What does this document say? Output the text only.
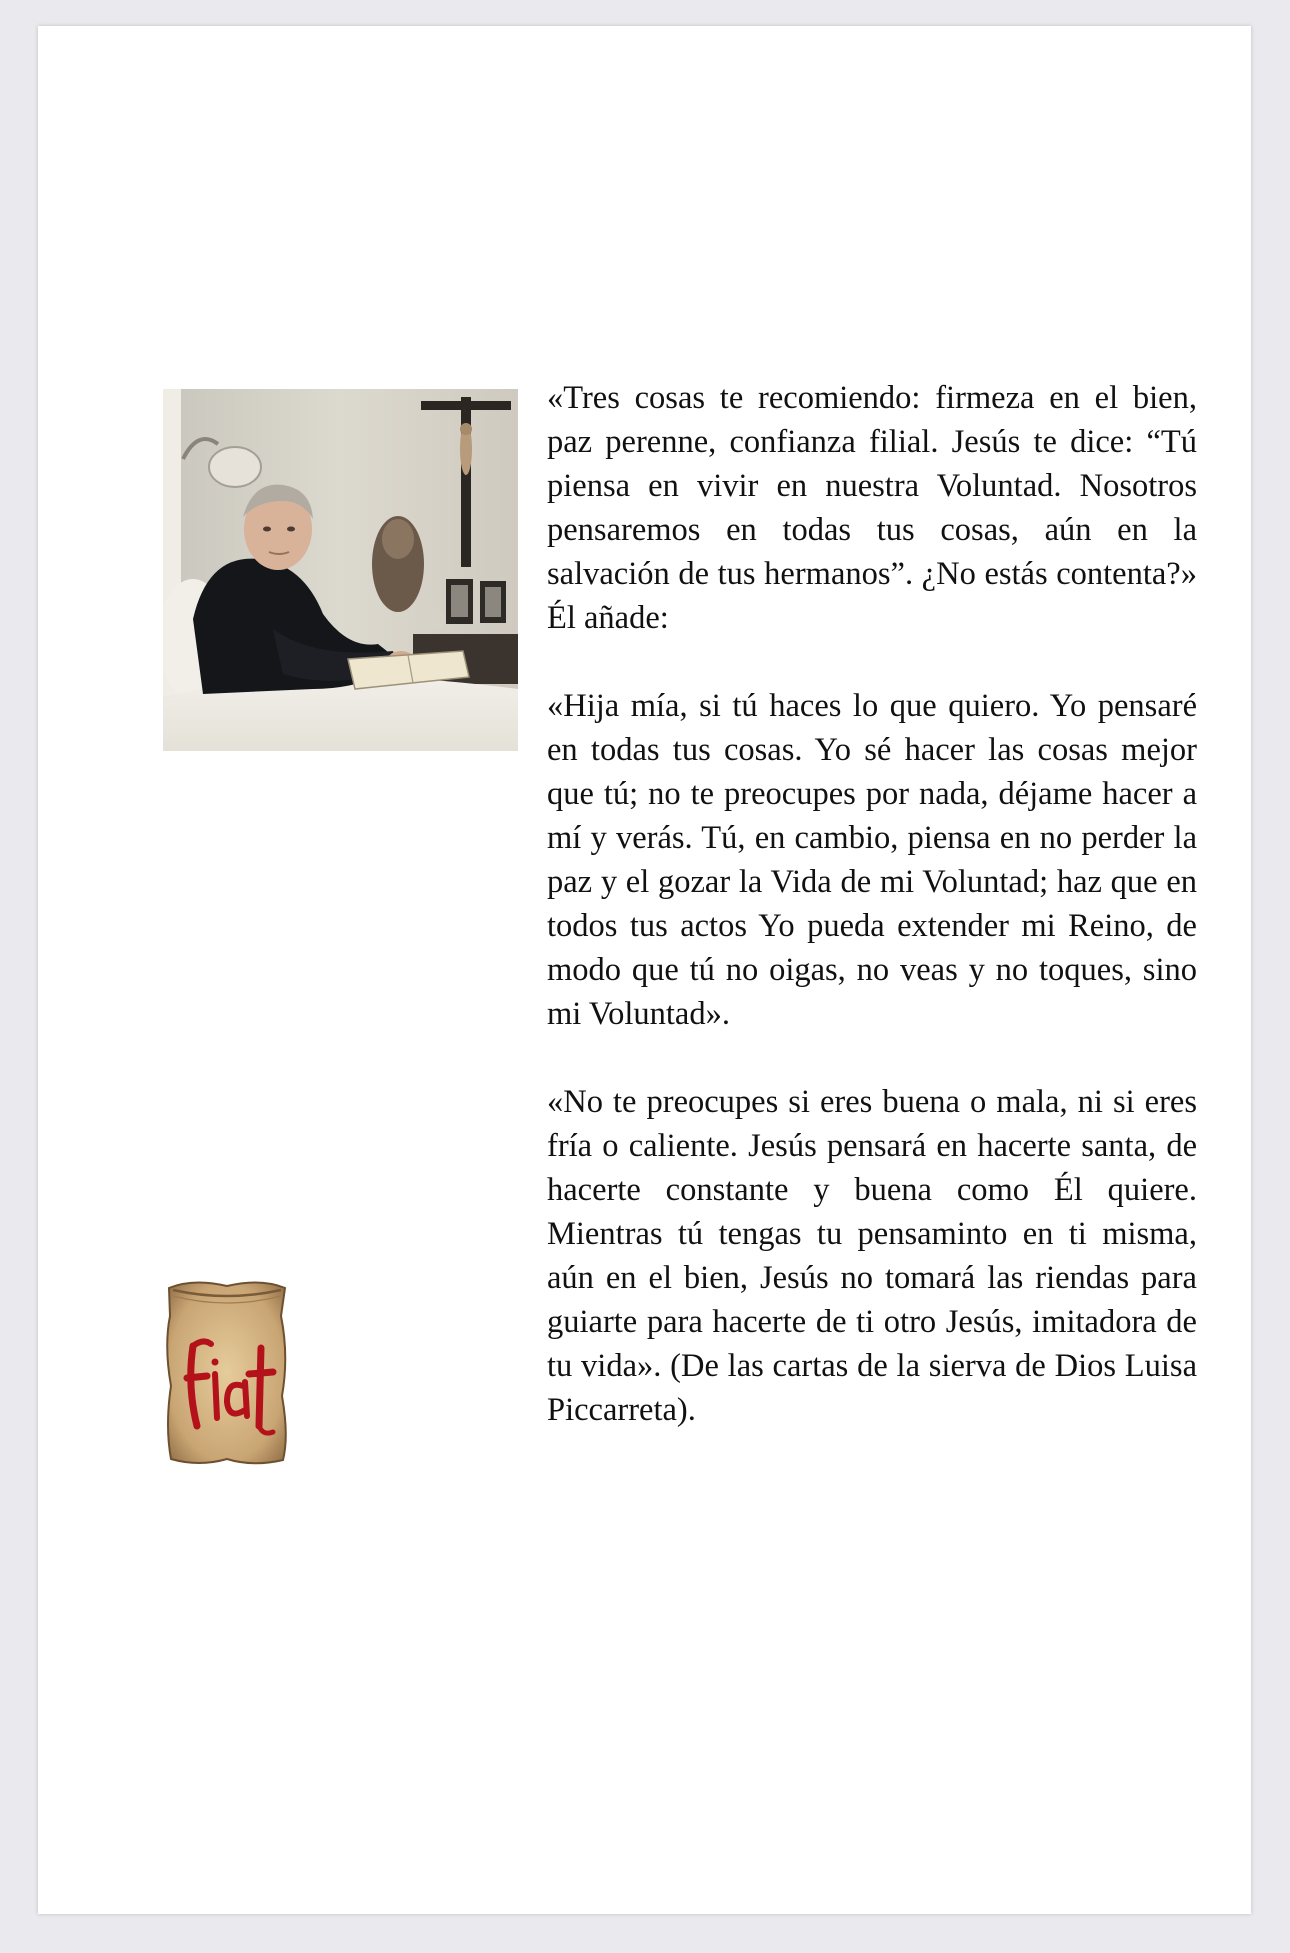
«Tres cosas te recomiendo: firmeza en el bien, paz perenne, confianza filial. Jesús te dice: “Tú piensa en vivir en nuestra Voluntad. Nosotros pensaremos en todas tus cosas, aún en la salvación de tus hermanos”. ¿No estás contenta?» Él añade:

«Hija mía, si tú haces lo que quiero. Yo pensaré en todas tus cosas. Yo sé hacer las cosas mejor que tú; no te preocupes por nada, déjame hacer a mí y verás. Tú, en cambio, piensa en no perder la paz y el gozar la Vida de mi Voluntad; haz que en todos tus actos Yo pueda extender mi Reino, de modo que tú no oigas, no veas y no toques, sino mi Voluntad».

«No te preocupes si eres buena o mala, ni si eres fría o caliente. Jesús pensará en hacerte santa, de hacerte constante y buena como Él quiere. Mientras tú tengas tu pensaminto en ti misma, aún en el bien, Jesús no tomará las riendas para guiarte para hacerte de ti otro Jesús, imitadora de tu vida». (De las cartas de la sierva de Dios Luisa Piccarreta).
